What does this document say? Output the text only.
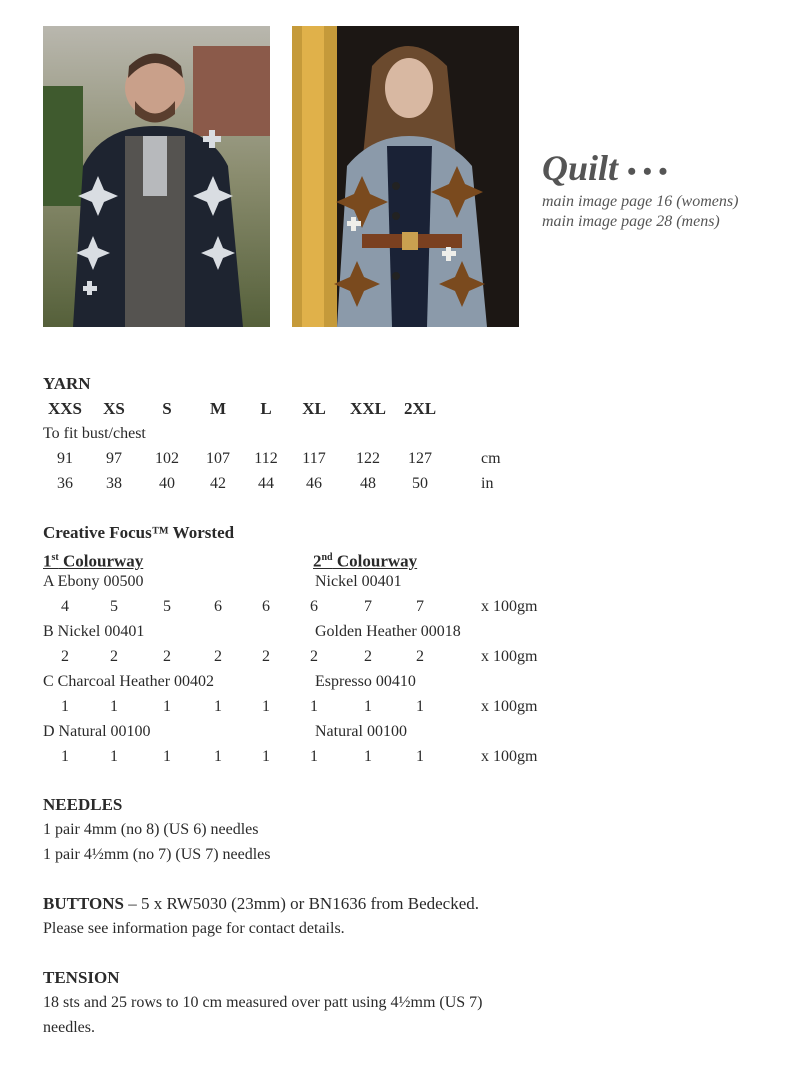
Quilt • • •
main image page 16 (womens)
main image page 28 (mens)
YARN
XXS	XS	S	M	L	XL	XXL 2XL
To fit bust/chest
91	97	102	107	112	117	122	127	cm
36	38	40	42	44	46	48	50	in
Creative Focus™ Worsted
1st Colourway	2nd Colourway
A Ebony 00500	Nickel 00401
4	5	5	6	6	6	7	7	x 100gm
B Nickel 00401	Golden Heather 00018
2	2	2	2	2	2	2	2	x 100gm
C Charcoal Heather 00402	Espresso 00410
1	1	1	1	1	1	1	1	x 100gm
D Natural 00100	Natural 00100
1	1	1	1	1	1	1	1	x 100gm
NEEDLES
1 pair 4mm (no 8) (US 6) needles
1 pair 4½mm (no 7) (US 7) needles
BUTTONS – 5 x RW5030 (23mm) or BN1636 from Bedecked.
Please see information page for contact details.
TENSION
18 sts and 25 rows to 10 cm measured over patt using 4½mm (US 7)
needles.
